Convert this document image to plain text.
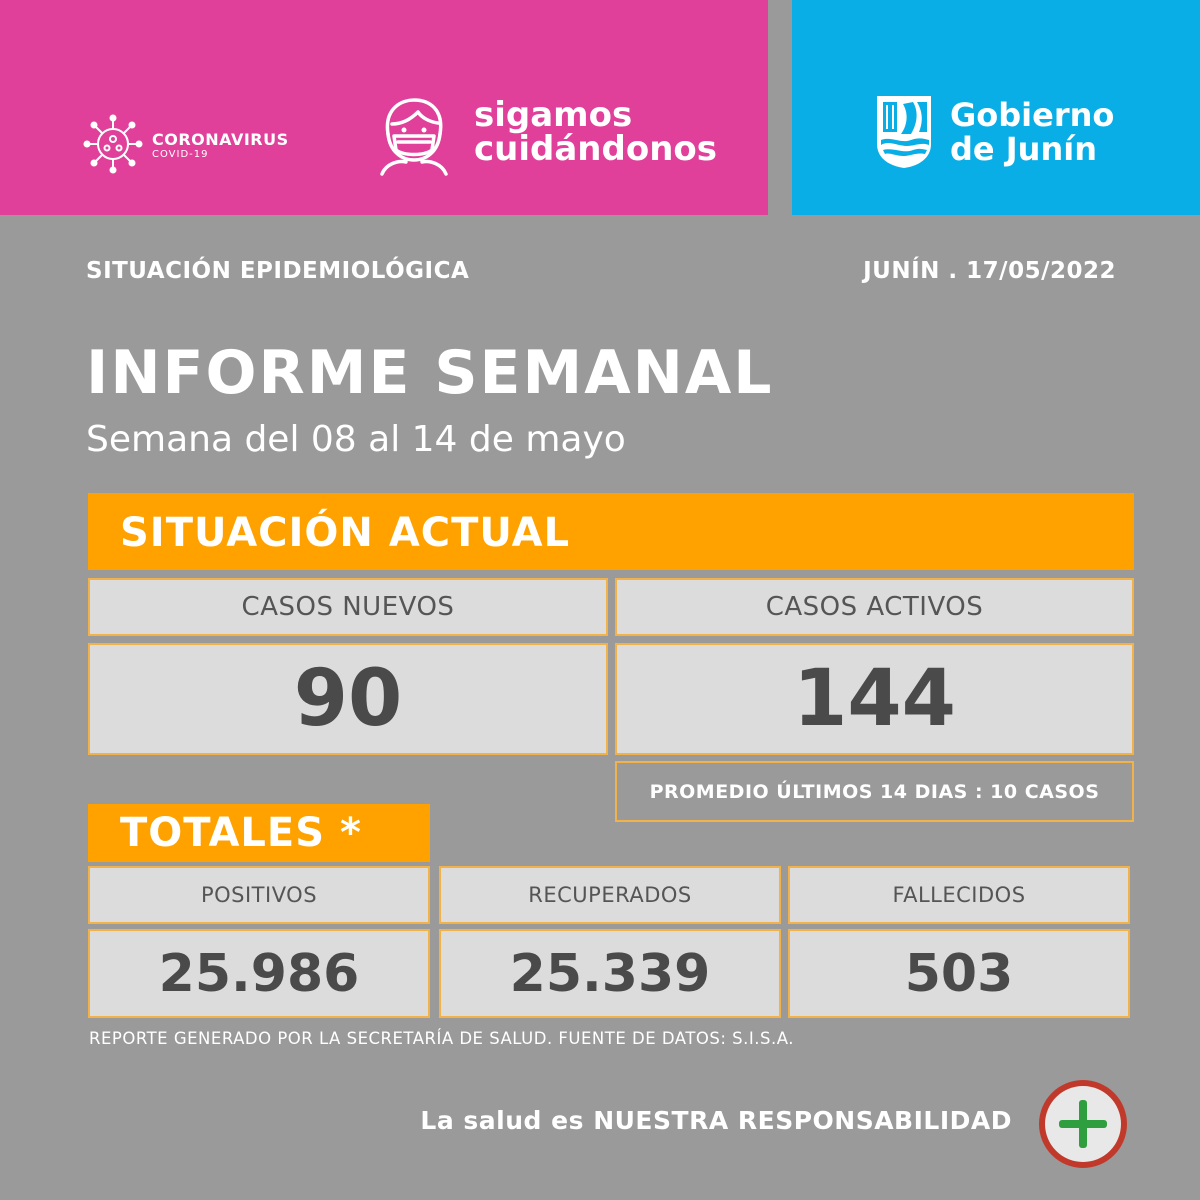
CORONAVIRUS
COVID-19
sigamos
cuidándonos
Gobierno
de Junín
SITUACIÓN EPIDEMIOLÓGICA	JUNÍN . 17/05/2022
INFORME SEMANAL
Semana del 08 al 14 de mayo
SITUACIÓN ACTUAL
CASOS NUEVOS	CASOS ACTIVOS
90	144
PROMEDIO ÚLTIMOS 14 DIAS : 10 CASOS
TOTALES *
POSITIVOS	RECUPERADOS	FALLECIDOS
25.986	25.339	503
REPORTE GENERADO POR LA SECRETARÍA DE SALUD. FUENTE DE DATOS: S.I.S.A.
La salud es NUESTRA RESPONSABILIDAD
